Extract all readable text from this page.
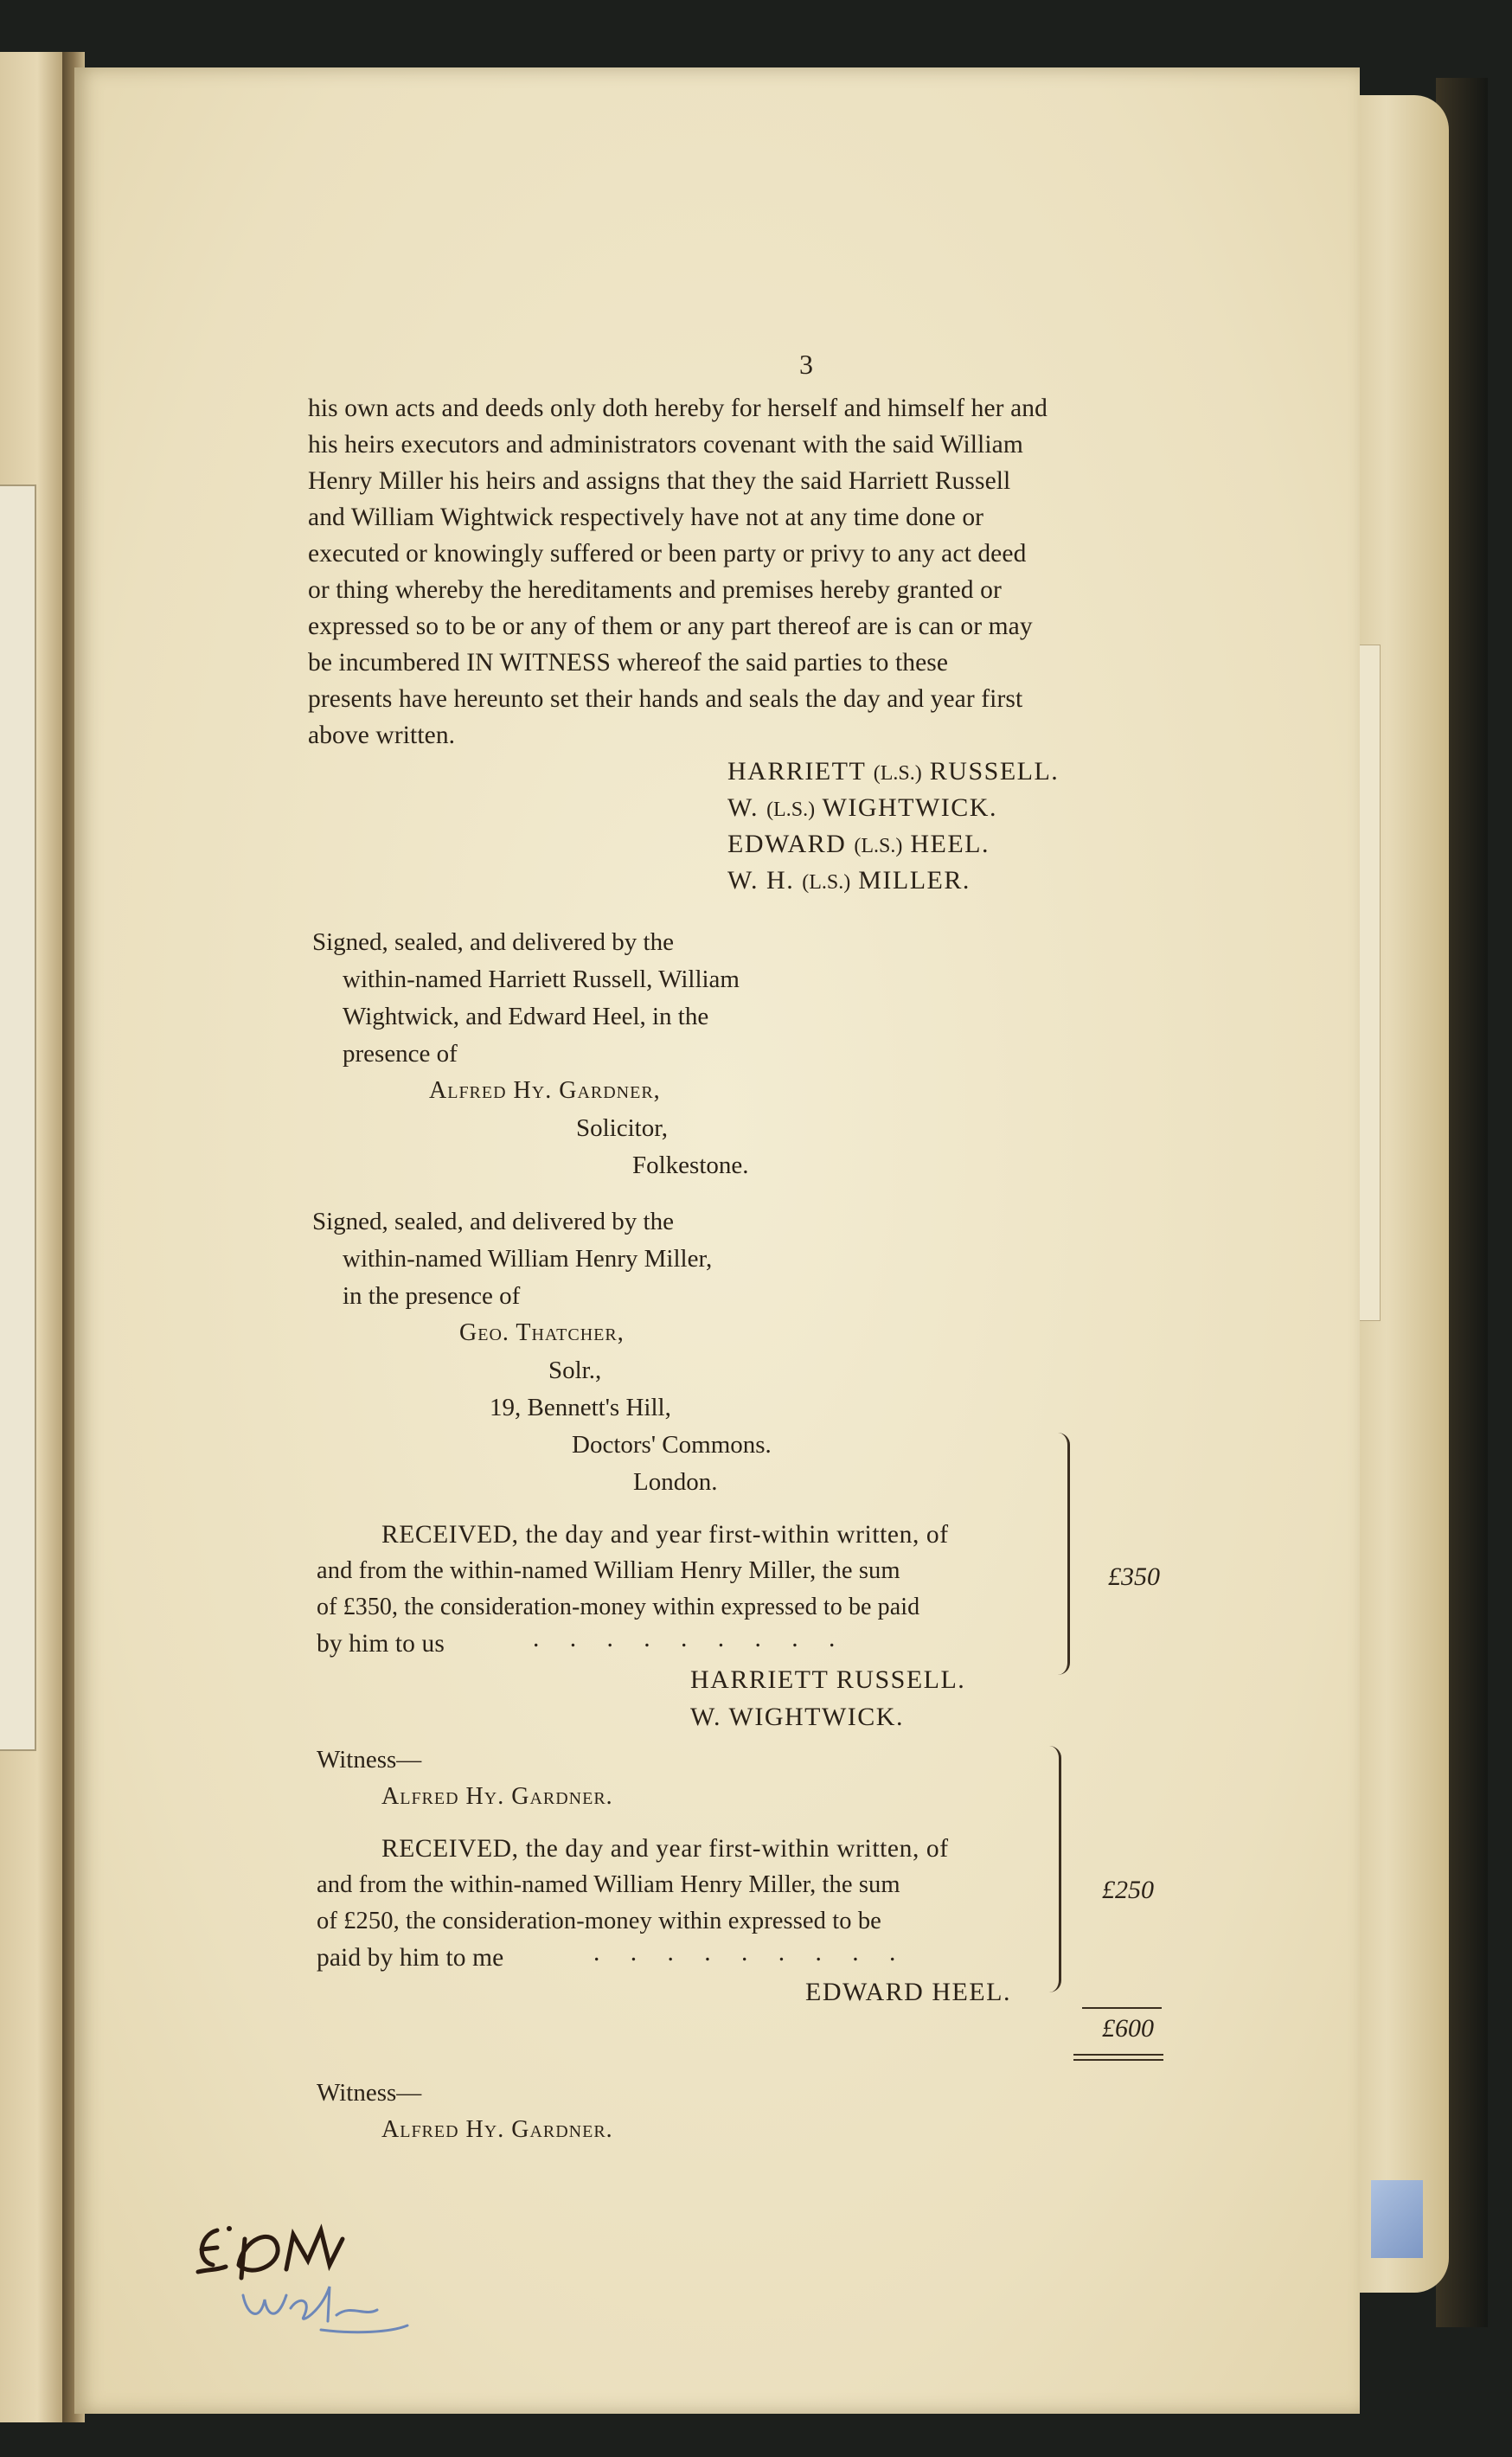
3
his own acts and deeds only doth hereby for herself and himself her and
his heirs executors and administrators covenant with the said William
Henry Miller his heirs and assigns that they the said Harriett Russell
and William Wightwick respectively have not at any time done or
executed or knowingly suffered or been party or privy to any act deed
or thing whereby the hereditaments and premises hereby granted or
expressed so to be or any of them or any part thereof are is can or may
be incumbered IN WITNESS whereof the said parties to these
presents have hereunto set their hands and seals the day and year first
above written.
HARRIETT (L.S.) RUSSELL.
W. (L.S.) WIGHTWICK.
EDWARD (L.S.) HEEL.
W. H. (L.S.) MILLER.
Signed, sealed, and delivered by the
within-named Harriett Russell, William
Wightwick, and Edward Heel, in the
presence of
Alfred Hy. Gardner,
Solicitor,
Folkestone.
Signed, sealed, and delivered by the
within-named William Henry Miller,
in the presence of
Geo. Thatcher,
Solr.,
19, Bennett's Hill,
Doctors' Commons.
London.
RECEIVED, the day and year first-within written, of
and from the within-named William Henry Miller, the sum
of £350, the consideration-money within expressed to be paid
by him to us	. . . . . . . . .
£350
HARRIETT RUSSELL.
W. WIGHTWICK.
Witness—
Alfred Hy. Gardner.
RECEIVED, the day and year first-within written, of
and from the within-named William Henry Miller, the sum
of £250, the consideration-money within expressed to be
paid by him to me	. . . . . . . . .
£250
EDWARD HEEL.
£600
Witness—
Alfred Hy. Gardner.
